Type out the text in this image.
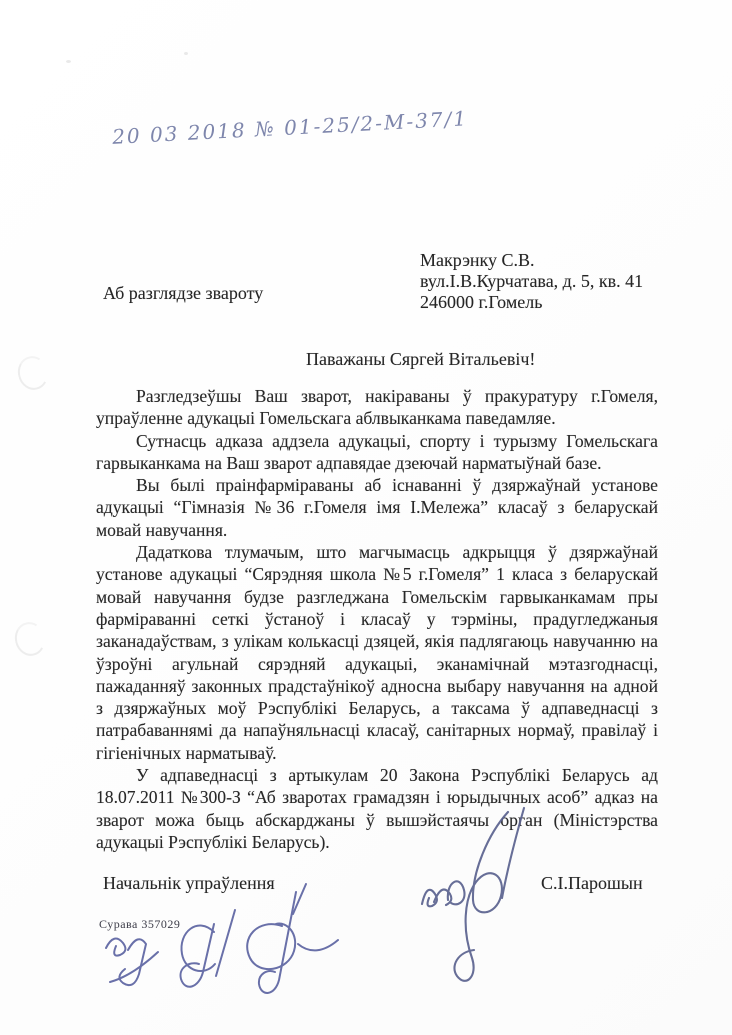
20 03 2018 № 01-25/2-М-37/1
Макрэнку С.В.
вул.І.В.Курчатава, д. 5, кв. 41
246000 г.Гомель
Аб разглядзе звароту
Паважаны Сяргей Вітальевіч!

Разгледзеўшы Ваш зварот, накіраваны ў пракуратуру г.Гомеля, упраўленне адукацыі Гомельскага аблвыканкама паведамляе.

Сутнасць адказа аддзела адукацыі, спорту і турызму Гомельскага гарвыканкама на Ваш зварот адпавядае дзеючай нарматыўнай базе.

Вы былі праінфарміраваны аб існаванні ў дзяржаўнай установе адукацыі “Гімназія №36 г.Гомеля імя І.Мележа” класаў з беларускай мовай навучання.

Дадаткова тлумачым, што магчымасць адкрыцця ў дзяржаўнай установе адукацыі “Сярэдняя школа №5 г.Гомеля” 1 класа з беларускай мовай навучання будзе разгледжана Гомельскім гарвыканкамам пры фарміраванні сеткі ўстаноў і класаў у тэрміны, прадугледжаныя заканадаўствам, з улікам колькасці дзяцей, якія падлягаюць навучанню на ўзроўні агульнай сярэдняй адукацыі, эканамічнай мэтазгоднасці, пажаданняў законных прадстаўнікоў адносна выбару навучання на адной з дзяржаўных моў Рэспублікі Беларусь, а таксама ў адпаведнасці з патрабаваннямі да напаўняльнасці класаў, санітарных нормаў, правілаў і гігіенічных нарматываў.

У адпаведнасці з артыкулам 20 Закона Рэспублікі Беларусь ад 18.07.2011 №300-З “Аб зваротах грамадзян і юрыдычных асоб” адказ на зварот можа быць абскарджаны ў вышэйстаячы орган (Міністэрства адукацыі Рэспублікі Беларусь).

Начальнік упраўлення	С.І.Парошын
Сурава 357029
